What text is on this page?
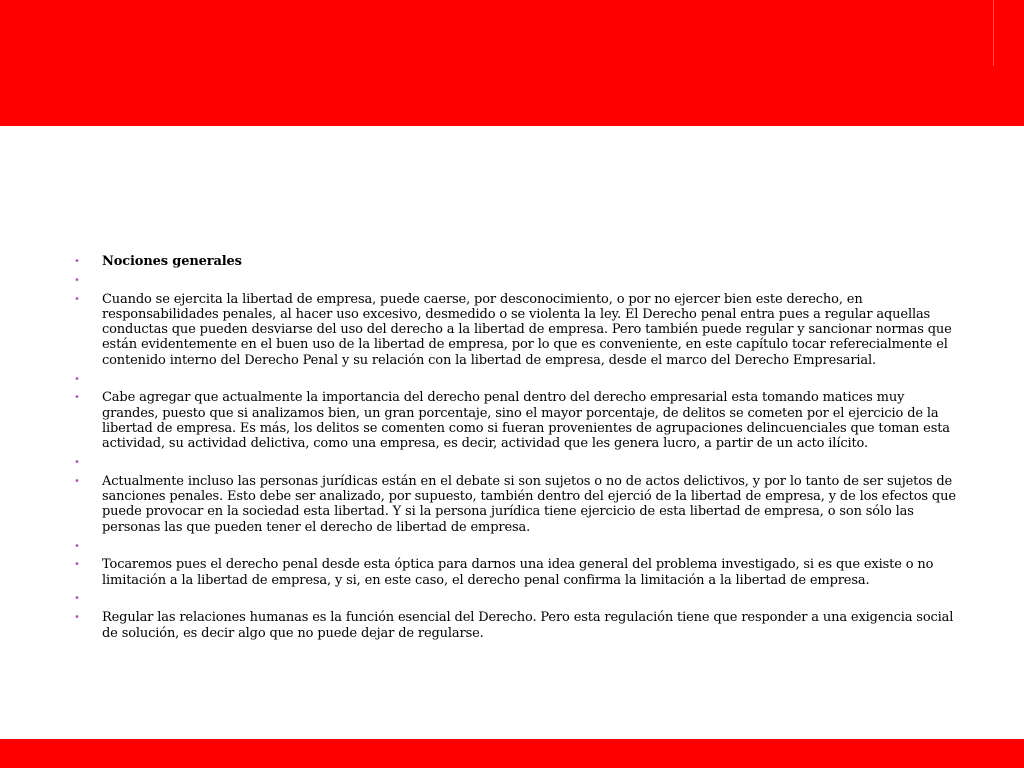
• Nociones generales
•
• Cuando se ejercita la libertad de empresa, puede caerse, por desconocimiento, o por no ejercer bien este derecho, en responsabilidades penales, al hacer uso excesivo, desmedido o se violenta la ley. El Derecho penal entra pues a regular aquellas conductas que pueden desviarse del uso del derecho a la libertad de empresa. Pero también puede regular y sancionar normas que están evidentemente en el buen uso de la libertad de empresa, por lo que es conveniente, en este capítulo tocar referecialmente el contenido interno del Derecho Penal y su relación con la libertad de empresa, desde el marco del Derecho Empresarial.
•
• Cabe agregar que actualmente la importancia del derecho penal dentro del derecho empresarial esta tomando matices muy grandes, puesto que si analizamos bien, un gran porcentaje, sino el mayor porcentaje, de delitos se cometen por el ejercicio de la libertad de empresa. Es más, los delitos se comenten como si fueran provenientes de agrupaciones delincuenciales que toman esta actividad, su actividad delictiva, como una empresa, es decir, actividad que les genera lucro, a partir de un acto ilícito.
•
• Actualmente incluso las personas jurídicas están en el debate si son sujetos o no de actos delictivos, y por lo tanto de ser sujetos de sanciones penales. Esto debe ser analizado, por supuesto, también dentro del ejerció de la libertad de empresa, y de los efectos que puede provocar en la sociedad esta libertad. Y si la persona jurídica tiene ejercicio de esta libertad de empresa, o son sólo las personas las que pueden tener el derecho de libertad de empresa.
•
• Tocaremos pues el derecho penal desde esta óptica para darnos una idea general del problema investigado, si es que existe o no limitación a la libertad de empresa, y si, en este caso, el derecho penal confirma la limitación a la libertad de empresa.
•
• Regular las relaciones humanas es la función esencial del Derecho. Pero esta regulación tiene que responder a una exigencia social de solución, es decir algo que no puede dejar de regularse.
